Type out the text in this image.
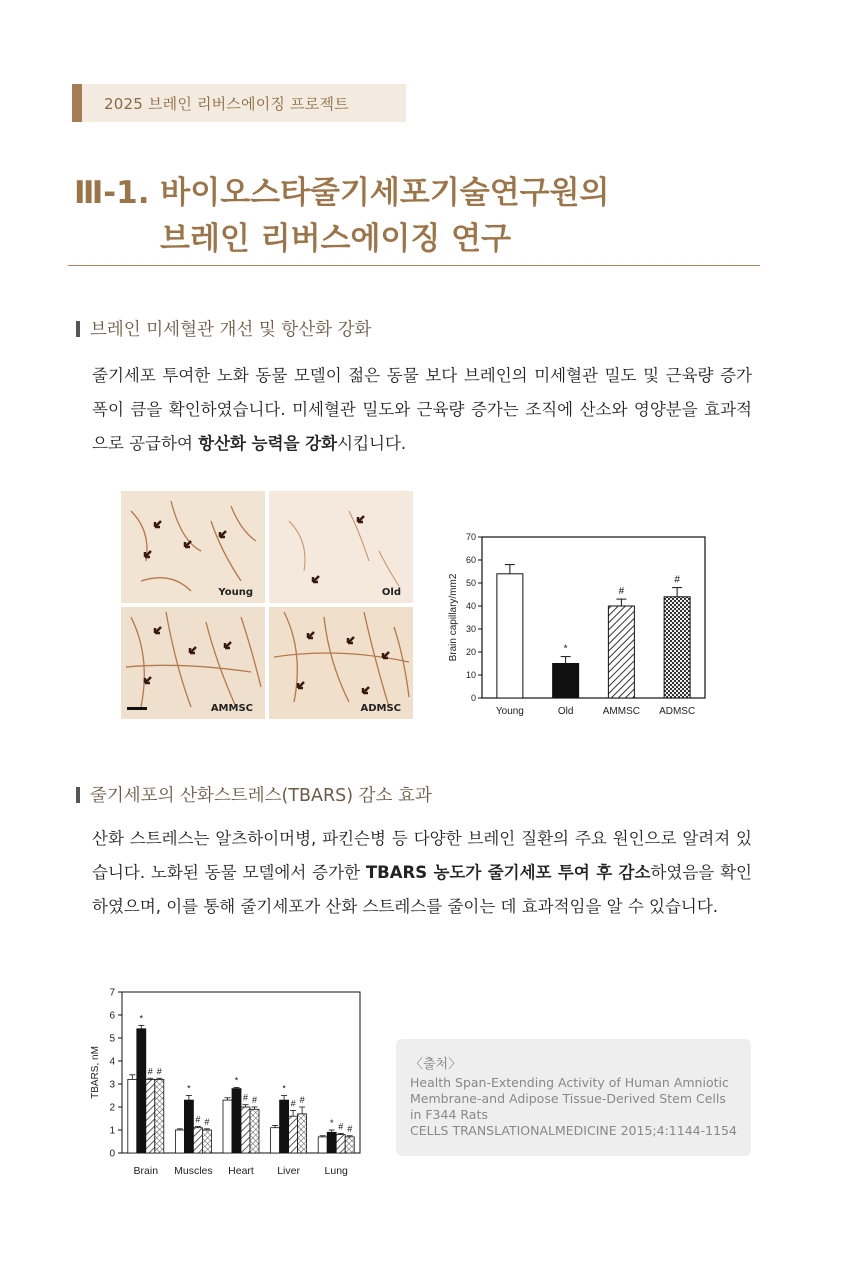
2025 브레인 리버스에이징 프로젝트
Ⅲ-1. 바이오스타줄기세포기술연구원의
브레인 리버스에이징 연구
브레인 미세혈관 개선 및 항산화 강화
줄기세포 투여한 노화 동물 모델이 젊은 동물 보다 브레인의 미세혈관 밀도 및 근육량 증가 폭이 큼을 확인하였습니다. 미세혈관 밀도와 근육량 증가는 조직에 산소와 영양분을 효과적으로 공급하여 항산화 능력을 강화시킵니다.
Young	Old
AMMSC	ADMSC
0
10
20
30
40
50
60
70
Brain capillary/mm2
Young
*
Old
#
AMMSC
#
ADMSC
줄기세포의 산화스트레스(TBARS) 감소 효과
산화 스트레스는 알츠하이머병, 파킨슨병 등 다양한 브레인 질환의 주요 원인으로 알려져 있습니다. 노화된 동물 모델에서 증가한 TBARS 농도가 줄기세포 투여 후 감소하였음을 확인하였으며, 이를 통해 줄기세포가 산화 스트레스를 줄이는 데 효과적임을 알 수 있습니다.
0
1
2
3
4
5
6
7
TBARS, nM
*
# #
Brain
*
# #
Muscles
*
# #
Heart
*
# #
Liver
* # #
Lung
〈출처〉
Health Span-Extending Activity of Human Amniotic Membrane-and Adipose Tissue-Derived Stem Cells in F344 Rats
CELLS TRANSLATIONALMEDICINE 2015;4:1144-1154
